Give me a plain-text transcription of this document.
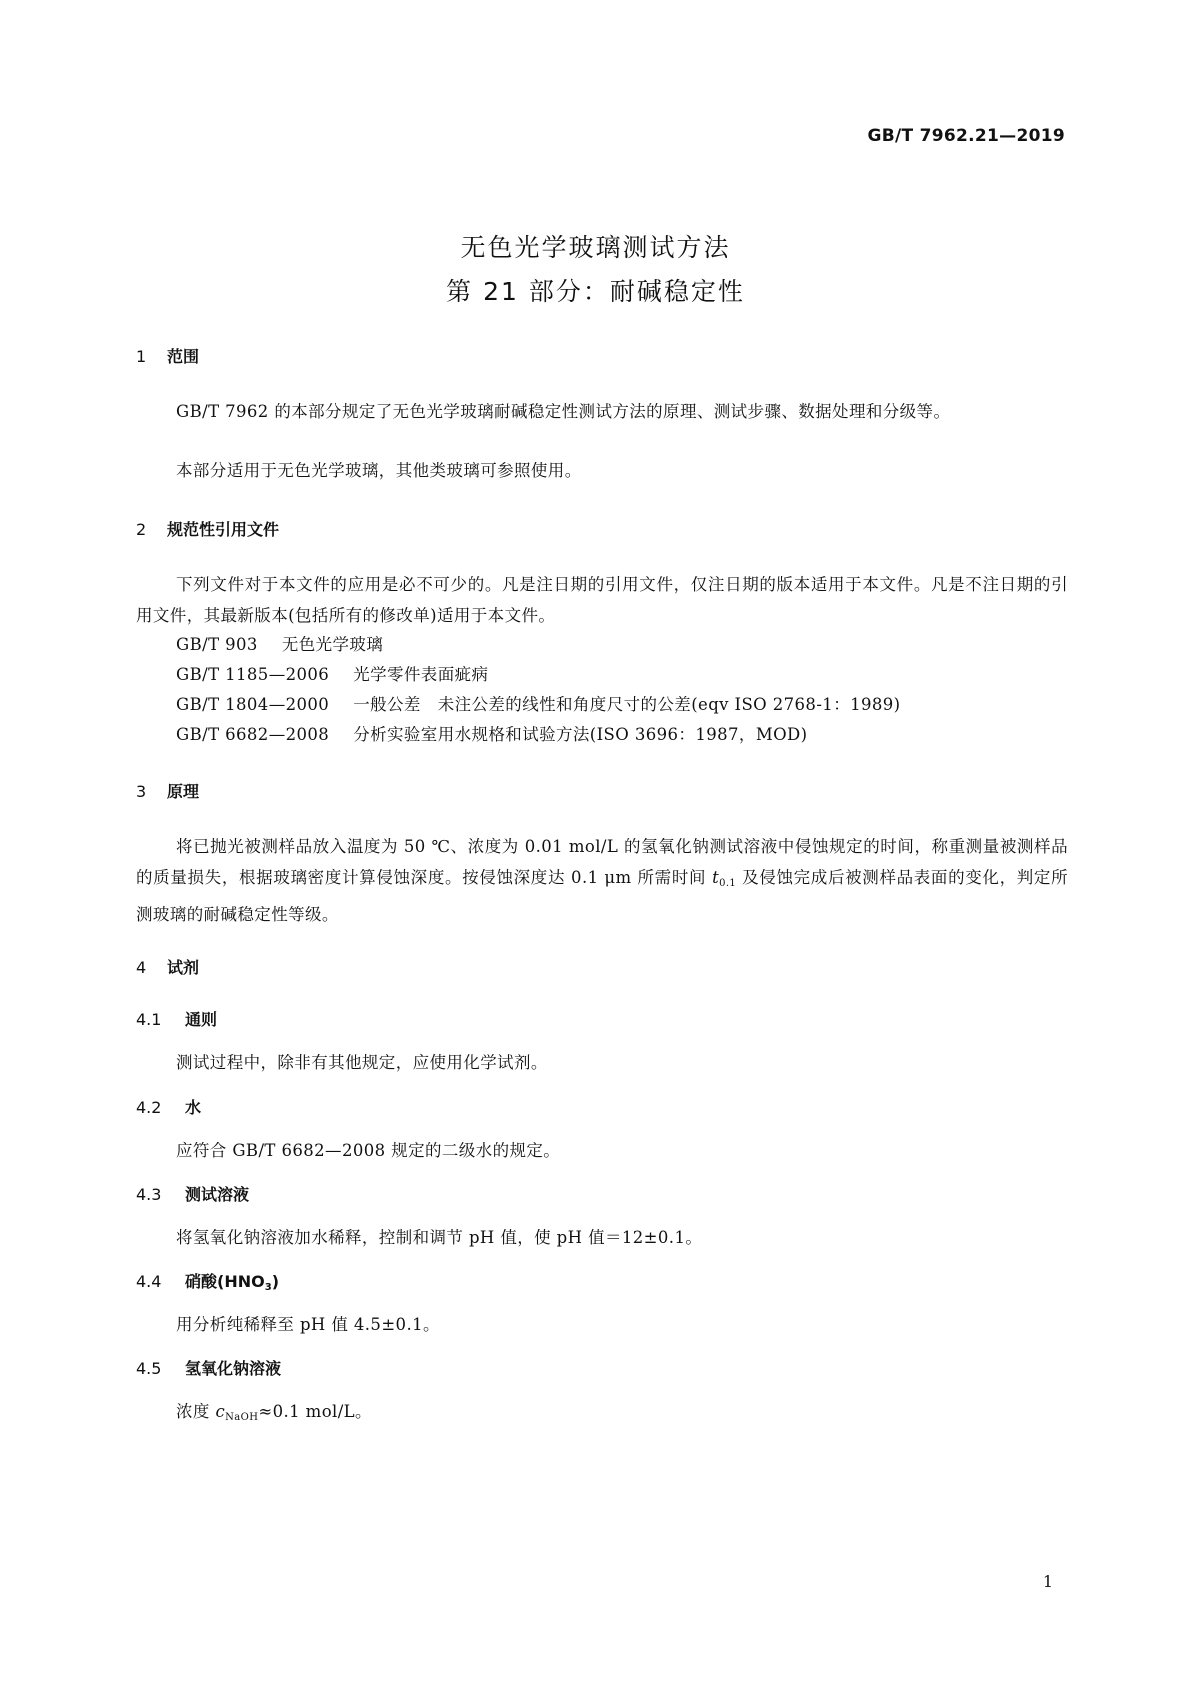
GB/T 7962.21—2019
无色光学玻璃测试方法
第 21 部分：耐碱稳定性
1 范围
GB/T 7962 的本部分规定了无色光学玻璃耐碱稳定性测试方法的原理、测试步骤、数据处理和分级等。
本部分适用于无色光学玻璃，其他类玻璃可参照使用。
2 规范性引用文件
下列文件对于本文件的应用是必不可少的。凡是注日期的引用文件，仅注日期的版本适用于本文件。凡是不注日期的引用文件，其最新版本(包括所有的修改单)适用于本文件。
GB/T 903 无色光学玻璃
GB/T 1185—2006 光学零件表面疵病
GB/T 1804—2000 一般公差　未注公差的线性和角度尺寸的公差(eqv ISO 2768-1：1989)
GB/T 6682—2008 分析实验室用水规格和试验方法(ISO 3696：1987，MOD)
3 原理
将已抛光被测样品放入温度为 50 ℃、浓度为 0.01 mol/L 的氢氧化钠测试溶液中侵蚀规定的时间，称重测量被测样品的质量损失，根据玻璃密度计算侵蚀深度。按侵蚀深度达 0.1 μm 所需时间 $t_{0.1}$ 及侵蚀完成后被测样品表面的变化，判定所测玻璃的耐碱稳定性等级。
4 试剂
4.1 通则
测试过程中，除非有其他规定，应使用化学试剂。
4.2 水
应符合 GB/T 6682—2008 规定的二级水的规定。
4.3 测试溶液
将氢氧化钠溶液加水稀释，控制和调节 pH 值，使 pH 值＝12±0.1。
4.4 硝酸$(HNO_3)$
用分析纯稀释至 pH 值 4.5±0.1。
4.5 氢氧化钠溶液
浓度 $c_{NaOH}\approx 0.1$ mol/L。
1
